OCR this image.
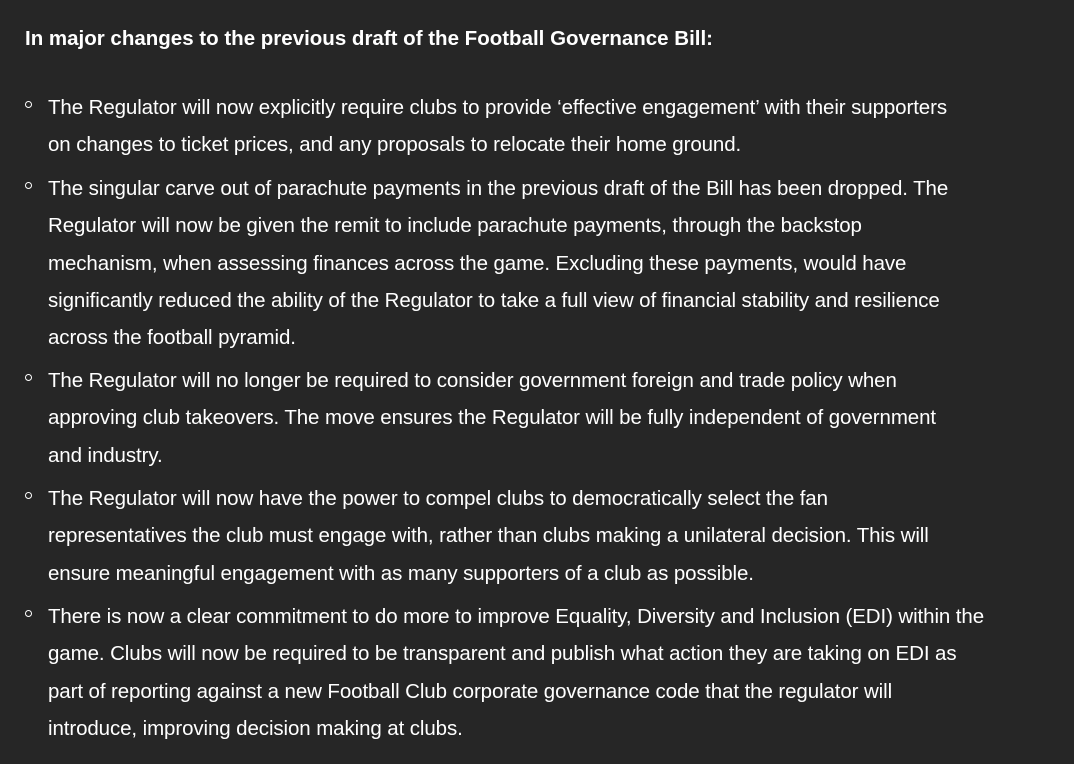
In major changes to the previous draft of the Football Governance Bill:
The Regulator will now explicitly require clubs to provide ‘effective engagement’ with their supporters
on changes to ticket prices, and any proposals to relocate their home ground.
The singular carve out of parachute payments in the previous draft of the Bill has been dropped. The
Regulator will now be given the remit to include parachute payments, through the backstop
mechanism, when assessing finances across the game. Excluding these payments, would have
significantly reduced the ability of the Regulator to take a full view of financial stability and resilience
across the football pyramid.
The Regulator will no longer be required to consider government foreign and trade policy when
approving club takeovers. The move ensures the Regulator will be fully independent of government
and industry.
The Regulator will now have the power to compel clubs to democratically select the fan
representatives the club must engage with, rather than clubs making a unilateral decision. This will
ensure meaningful engagement with as many supporters of a club as possible.
There is now a clear commitment to do more to improve Equality, Diversity and Inclusion (EDI) within the
game. Clubs will now be required to be transparent and publish what action they are taking on EDI as
part of reporting against a new Football Club corporate governance code that the regulator will
introduce, improving decision making at clubs.
